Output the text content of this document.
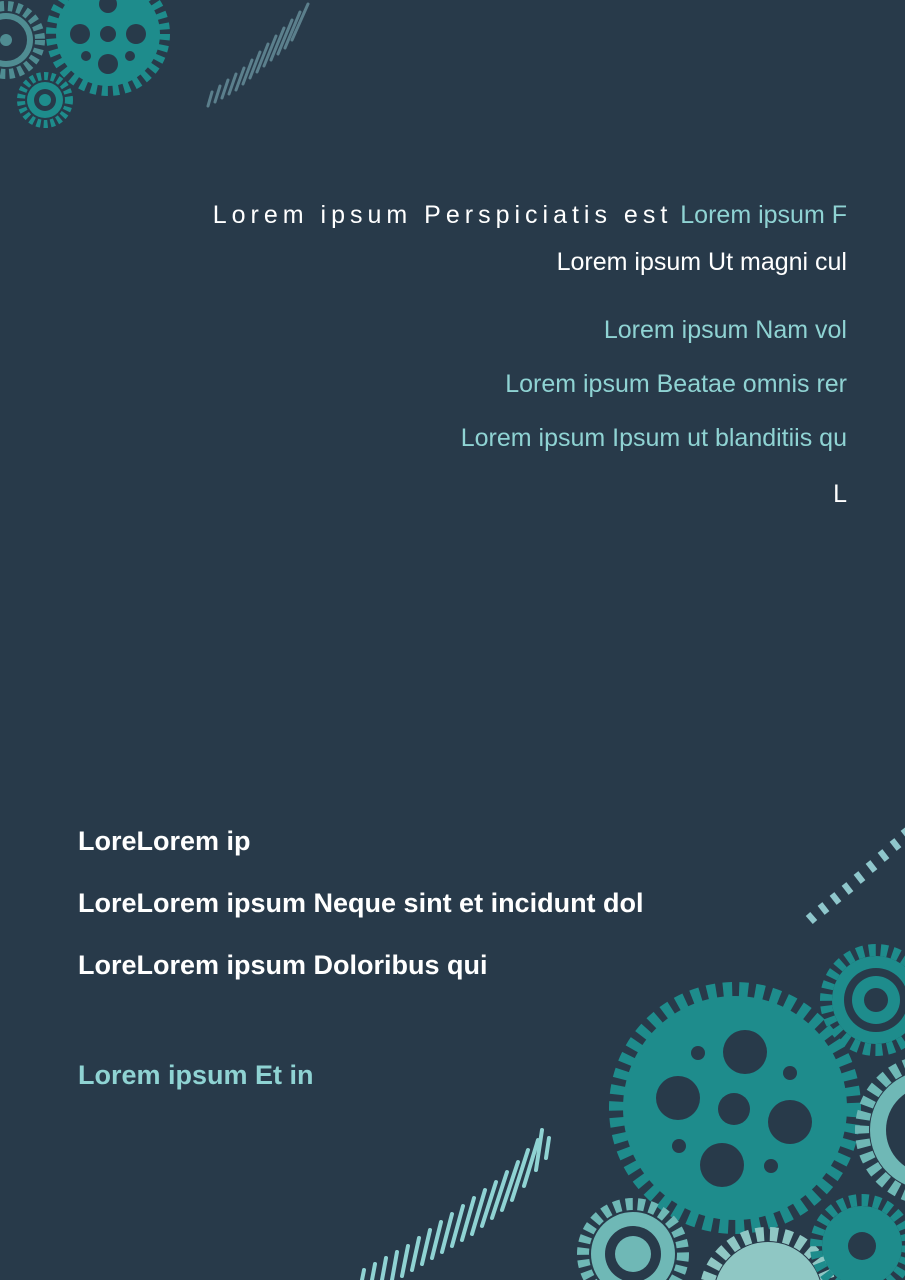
Lorem ipsum Perspiciatis est Lorem ipsum F
Lorem ipsum Ut magni cul
Lorem ipsum Nam vol
Lorem ipsum Beatae omnis rer
Lorem ipsum Ipsum ut blanditiis qu
L
LoreLorem ip
LoreLorem ipsum Neque sint et incidunt dol
LoreLorem ipsum Doloribus qui
Lorem ipsum Et in
